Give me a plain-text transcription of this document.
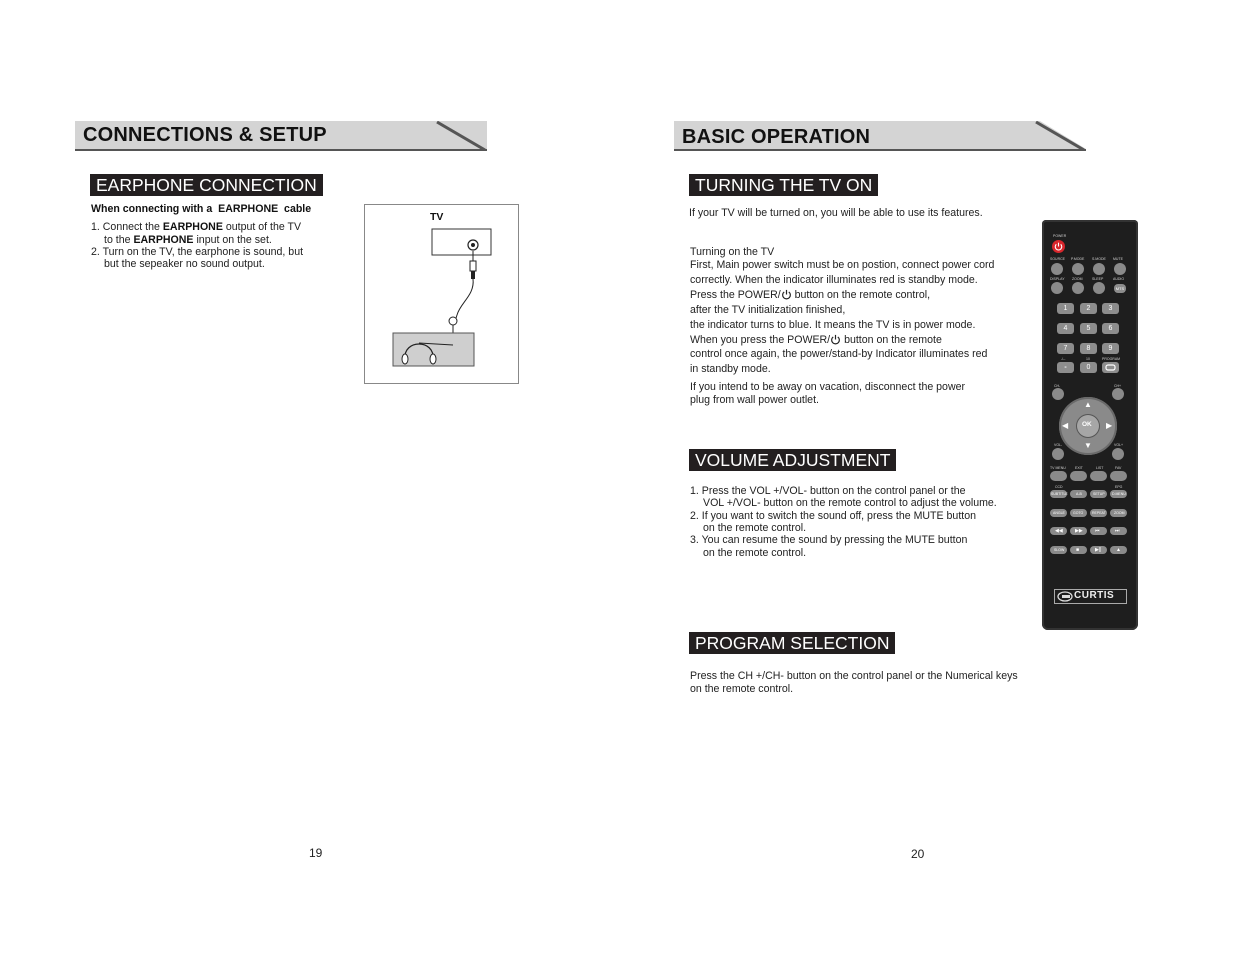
CONNECTIONS & SETUP
EARPHONE CONNECTION
When connecting with a  EARPHONE  cable
1. Connect the EARPHONE output of the TV
to the EARPHONE input on the set.
2. Turn on the TV, the earphone is sound, but
but the sepeaker no sound output.
TV
19
BASIC OPERATION
TURNING THE TV ON
If your TV will be turned on, you will be able to use its features.
Turning on the TV
First, Main power switch must be on postion, connect power cord
correctly. When the indicator illuminates red is standby mode.
Press the POWER/ button on the remote control,
after the TV initialization finished,
the indicator turns to blue. It means the TV is in power mode.
When you press the POWER/ button on the remote
control once again, the power/stand-by Indicator illuminates red
in standby mode.
If you intend to be away on vacation, disconnect the power
plug from wall power outlet.
VOLUME ADJUSTMENT
1. Press the VOL +/VOL- button on the control panel or the
VOL +/VOL- button on the remote control to adjust the volume.
2. If you want to switch the sound off, press the MUTE button
on the remote control.
3. You can resume the sound by pressing the MUTE button
on the remote control.
PROGRAM SELECTION
Press the CH +/CH- button on the control panel or the Numerical keys
on the remote control.
20
POWER
SOURCE P.MODE S.MODE MUTE
DISPLAY ZOOM	SLEEP	AUDIO
MTS
1	2	3
4	5	6
7	8	9
-/--	10	PROGRAM
-	0
CH-	CH+
▲
▼
◀	▶
OK
VOL-	VOL+
TV MENU	EXIT	LIST	FAV
CCD	EPG
SUBTITLE A-B	SETUP D.MENU
ANGLE GOTO	REPEAT ZOOM
◀◀ ▶▶ ⏮	⏭
SLOW ■	▶||	▲
CURTIS
